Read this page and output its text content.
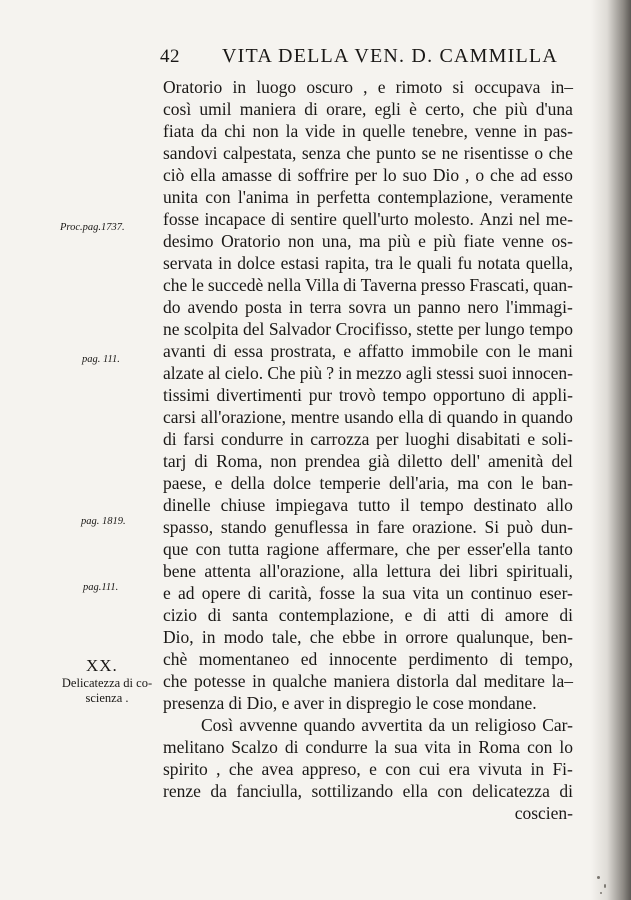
42 VITA DELLA VEN. D. CAMMILLA
Proc.pag.1737.
pag. 111.
pag. 1819.
pag.111.
XX.
Delicatezza di co-
scienza .
Oratorio in luogo oscuro , e rimoto si occupava in–
così umil maniera di orare, egli è certo, che più d'una
fiata da chi non la vide in quelle tenebre, venne in pas-
sandovi calpestata, senza che punto se ne risentisse o che
ciò ella amasse di soffrire per lo suo Dio , o che ad esso
unita con l'anima in perfetta contemplazione, veramente
fosse incapace di sentire quell'urto molesto. Anzi nel me-
desimo Oratorio non una, ma più e più fiate venne os-
servata in dolce estasi rapita, tra le quali fu notata quella,
che le succedè nella Villa di Taverna presso Frascati, quan-
do avendo posta in terra sovra un panno nero l'immagi-
ne scolpita del Salvador Crocifisso, stette per lungo tempo
avanti di essa prostrata, e affatto immobile con le mani
alzate al cielo. Che più ? in mezzo agli stessi suoi innocen-
tissimi divertimenti pur trovò tempo opportuno di appli-
carsi all'orazione, mentre usando ella di quando in quando
di farsi condurre in carrozza per luoghi disabitati e soli-
tarj di Roma, non prendea già diletto dell' amenità del
paese, e della dolce temperie dell'aria, ma con le ban-
dinelle chiuse impiegava tutto il tempo destinato allo
spasso, stando genuflessa in fare orazione. Si può dun-
que con tutta ragione affermare, che per esser'ella tanto
bene attenta all'orazione, alla lettura dei libri spirituali,
e ad opere di carità, fosse la sua vita un continuo eser-
cizio di santa contemplazione, e di atti di amore di
Dio, in modo tale, che ebbe in orrore qualunque, ben-
chè momentaneo ed innocente perdimento di tempo,
che potesse in qualche maniera distorla dal meditare la–
presenza di Dio, e aver in dispregio le cose mondane.
Così avvenne quando avvertita da un religioso Car-
melitano Scalzo di condurre la sua vita in Roma con lo
spirito , che avea appreso, e con cui era vivuta in Fi-
renze da fanciulla, sottilizando ella con delicatezza di
coscien-
